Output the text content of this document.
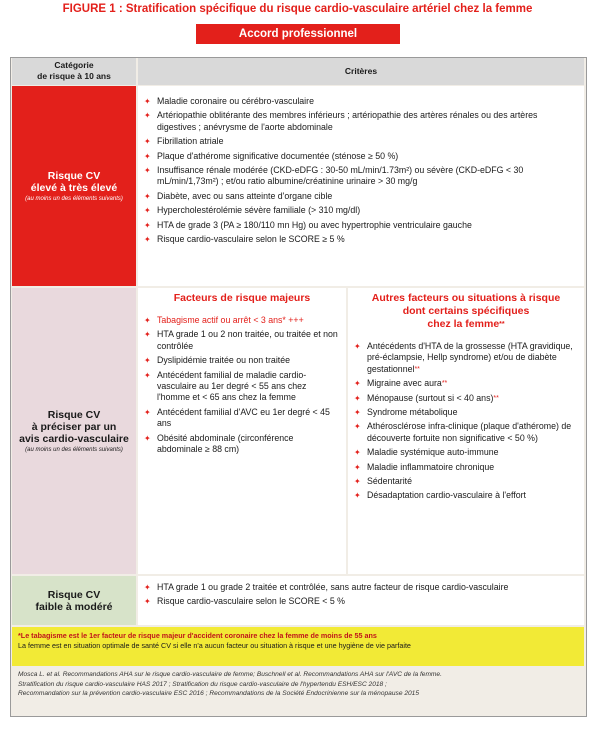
FIGURE 1 : Stratification spécifique du risque cardio-vasculaire artériel chez la femme
Accord professionnel
Catégorie
de risque à 10 ans	Critères
Risque CV
élevé à très élevé
(au moins un des éléments suivants)
✦ Maladie coronaire ou cérébro-vasculaire
✦ Artériopathie oblitérante des membres inférieurs ; artériopathie des artères rénales ou des artères digestives ; anévrysme de l'aorte abdominale
✦ Fibrillation atriale
✦ Plaque d'athérome significative documentée (sténose ≥ 50 %)
✦ Insuffisance rénale modérée (CKD-eDFG : 30-50 mL/min/1.73m²) ou sévère (CKD-eDFG < 30 mL/min/1,73m²) ; et/ou ratio albumine/créatinine urinaire > 30 mg/g
✦ Diabète, avec ou sans atteinte d'organe cible
✦ Hypercholestérolémie sévère familiale (> 310 mg/dl)
✦ HTA de grade 3 (PA ≥ 180/110 mn Hg) ou avec hypertrophie ventriculaire gauche
✦ Risque cardio-vasculaire selon le SCORE ≥ 5 %
Risque CV
à préciser par un
avis cardio-vasculaire
(au moins un des éléments suivants)
Facteurs de risque majeurs
✦ Tabagisme actif ou arrêt < 3 ans* +++
✦ HTA grade 1 ou 2 non traitée, ou traitée et non contrôlée
✦ Dyslipidémie traitée ou non traitée
✦ Antécédent familial de maladie cardio-vasculaire au 1er degré < 55 ans chez l'homme et < 65 ans chez la femme
✦ Antécédent familial d'AVC eu 1er degré < 45 ans
✦ Obésité abdominale (circonférence abdominale ≥ 88 cm)
Autres facteurs ou situations à risque
dont certains spécifiques
chez la femme**
✦ Antécédents d'HTA de la grossesse (HTA gravidique, pré-éclampsie, Hellp syndrome) et/ou de diabète gestationnel**
✦ Migraine avec aura**
✦ Ménopause (surtout si < 40 ans)**
✦ Syndrome métabolique
✦ Athérosclérose infra-clinique (plaque d'athérome) de découverte fortuite non significative < 50 %)
✦ Maladie systémique auto-immune
✦ Maladie inflammatoire chronique
✦ Sédentarité
✦ Désadaptation cardio-vasculaire à l'effort
Risque CV
faible à modéré
✦ HTA grade 1 ou grade 2 traitée et contrôlée, sans autre facteur de risque cardio-vasculaire
✦ Risque cardio-vasculaire selon le SCORE < 5 %
*Le tabagisme est le 1er facteur de risque majeur d'accident coronaire chez la femme de moins de 55 ans
La femme est en situation optimale de santé CV si elle n'a aucun facteur ou situation à risque et une hygiène de vie parfaite
Mosca L. et al. Recommandations AHA sur le risque cardio-vasculaire de femme; Buschnell et al. Recommandations AHA sur l'AVC de la femme.
Stratification du risque cardio-vasculaire HAS 2017 ; Stratification du risque cardio-vasculaire de l'hypertendu ESH/ESC 2018 ;
Recommandation sur la prévention cardio-vasculaire ESC 2016 ; Recommandations de la Société Endocrinienne sur la ménopause 2015
